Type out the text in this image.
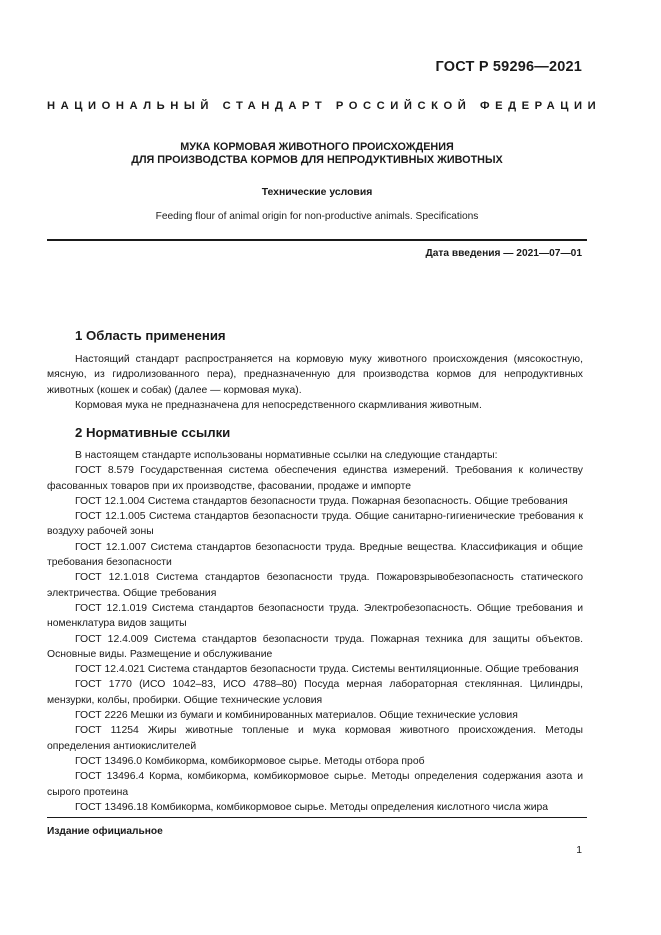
ГОСТ Р 59296—2021
НАЦИОНАЛЬНЫЙ СТАНДАРТ РОССИЙСКОЙ ФЕДЕРАЦИИ
МУКА КОРМОВАЯ ЖИВОТНОГО ПРОИСХОЖДЕНИЯ
ДЛЯ ПРОИЗВОДСТВА КОРМОВ ДЛЯ НЕПРОДУКТИВНЫХ ЖИВОТНЫХ
Технические условия
Feeding flour of animal origin for non-productive animals. Specifications
Дата введения — 2021—07—01
1 Область применения

Настоящий стандарт распространяется на кормовую муку животного происхождения (мясокостную, мясную, из гидролизованного пера), предназначенную для производства кормов для непродуктивных животных (кошек и собак) (далее — кормовая мука).

Кормовая мука не предназначена для непосредственного скармливания животным.

2 Нормативные ссылки

В настоящем стандарте использованы нормативные ссылки на следующие стандарты:

ГОСТ 8.579 Государственная система обеспечения единства измерений. Требования к количеству фасованных товаров при их производстве, фасовании, продаже и импорте

ГОСТ 12.1.004 Система стандартов безопасности труда. Пожарная безопасность. Общие требования

ГОСТ 12.1.005 Система стандартов безопасности труда. Общие санитарно-гигиенические требования к воздуху рабочей зоны

ГОСТ 12.1.007 Система стандартов безопасности труда. Вредные вещества. Классификация и общие требования безопасности

ГОСТ 12.1.018 Система стандартов безопасности труда. Пожаровзрывобезопасность статического электричества. Общие требования

ГОСТ 12.1.019 Система стандартов безопасности труда. Электробезопасность. Общие требования и номенклатура видов защиты

ГОСТ 12.4.009 Система стандартов безопасности труда. Пожарная техника для защиты объектов. Основные виды. Размещение и обслуживание

ГОСТ 12.4.021 Система стандартов безопасности труда. Системы вентиляционные. Общие требования

ГОСТ 1770 (ИСО 1042–83, ИСО 4788–80) Посуда мерная лабораторная стеклянная. Цилиндры, мензурки, колбы, пробирки. Общие технические условия

ГОСТ 2226 Мешки из бумаги и комбинированных материалов. Общие технические условия

ГОСТ 11254 Жиры животные топленые и мука кормовая животного происхождения. Методы определения антиокислителей

ГОСТ 13496.0 Комбикорма, комбикормовое сырье. Методы отбора проб

ГОСТ 13496.4 Корма, комбикорма, комбикормовое сырье. Методы определения содержания азота и сырого протеина

ГОСТ 13496.18 Комбикорма, комбикормовое сырье. Методы определения кислотного числа жира

Издание официальное
1
